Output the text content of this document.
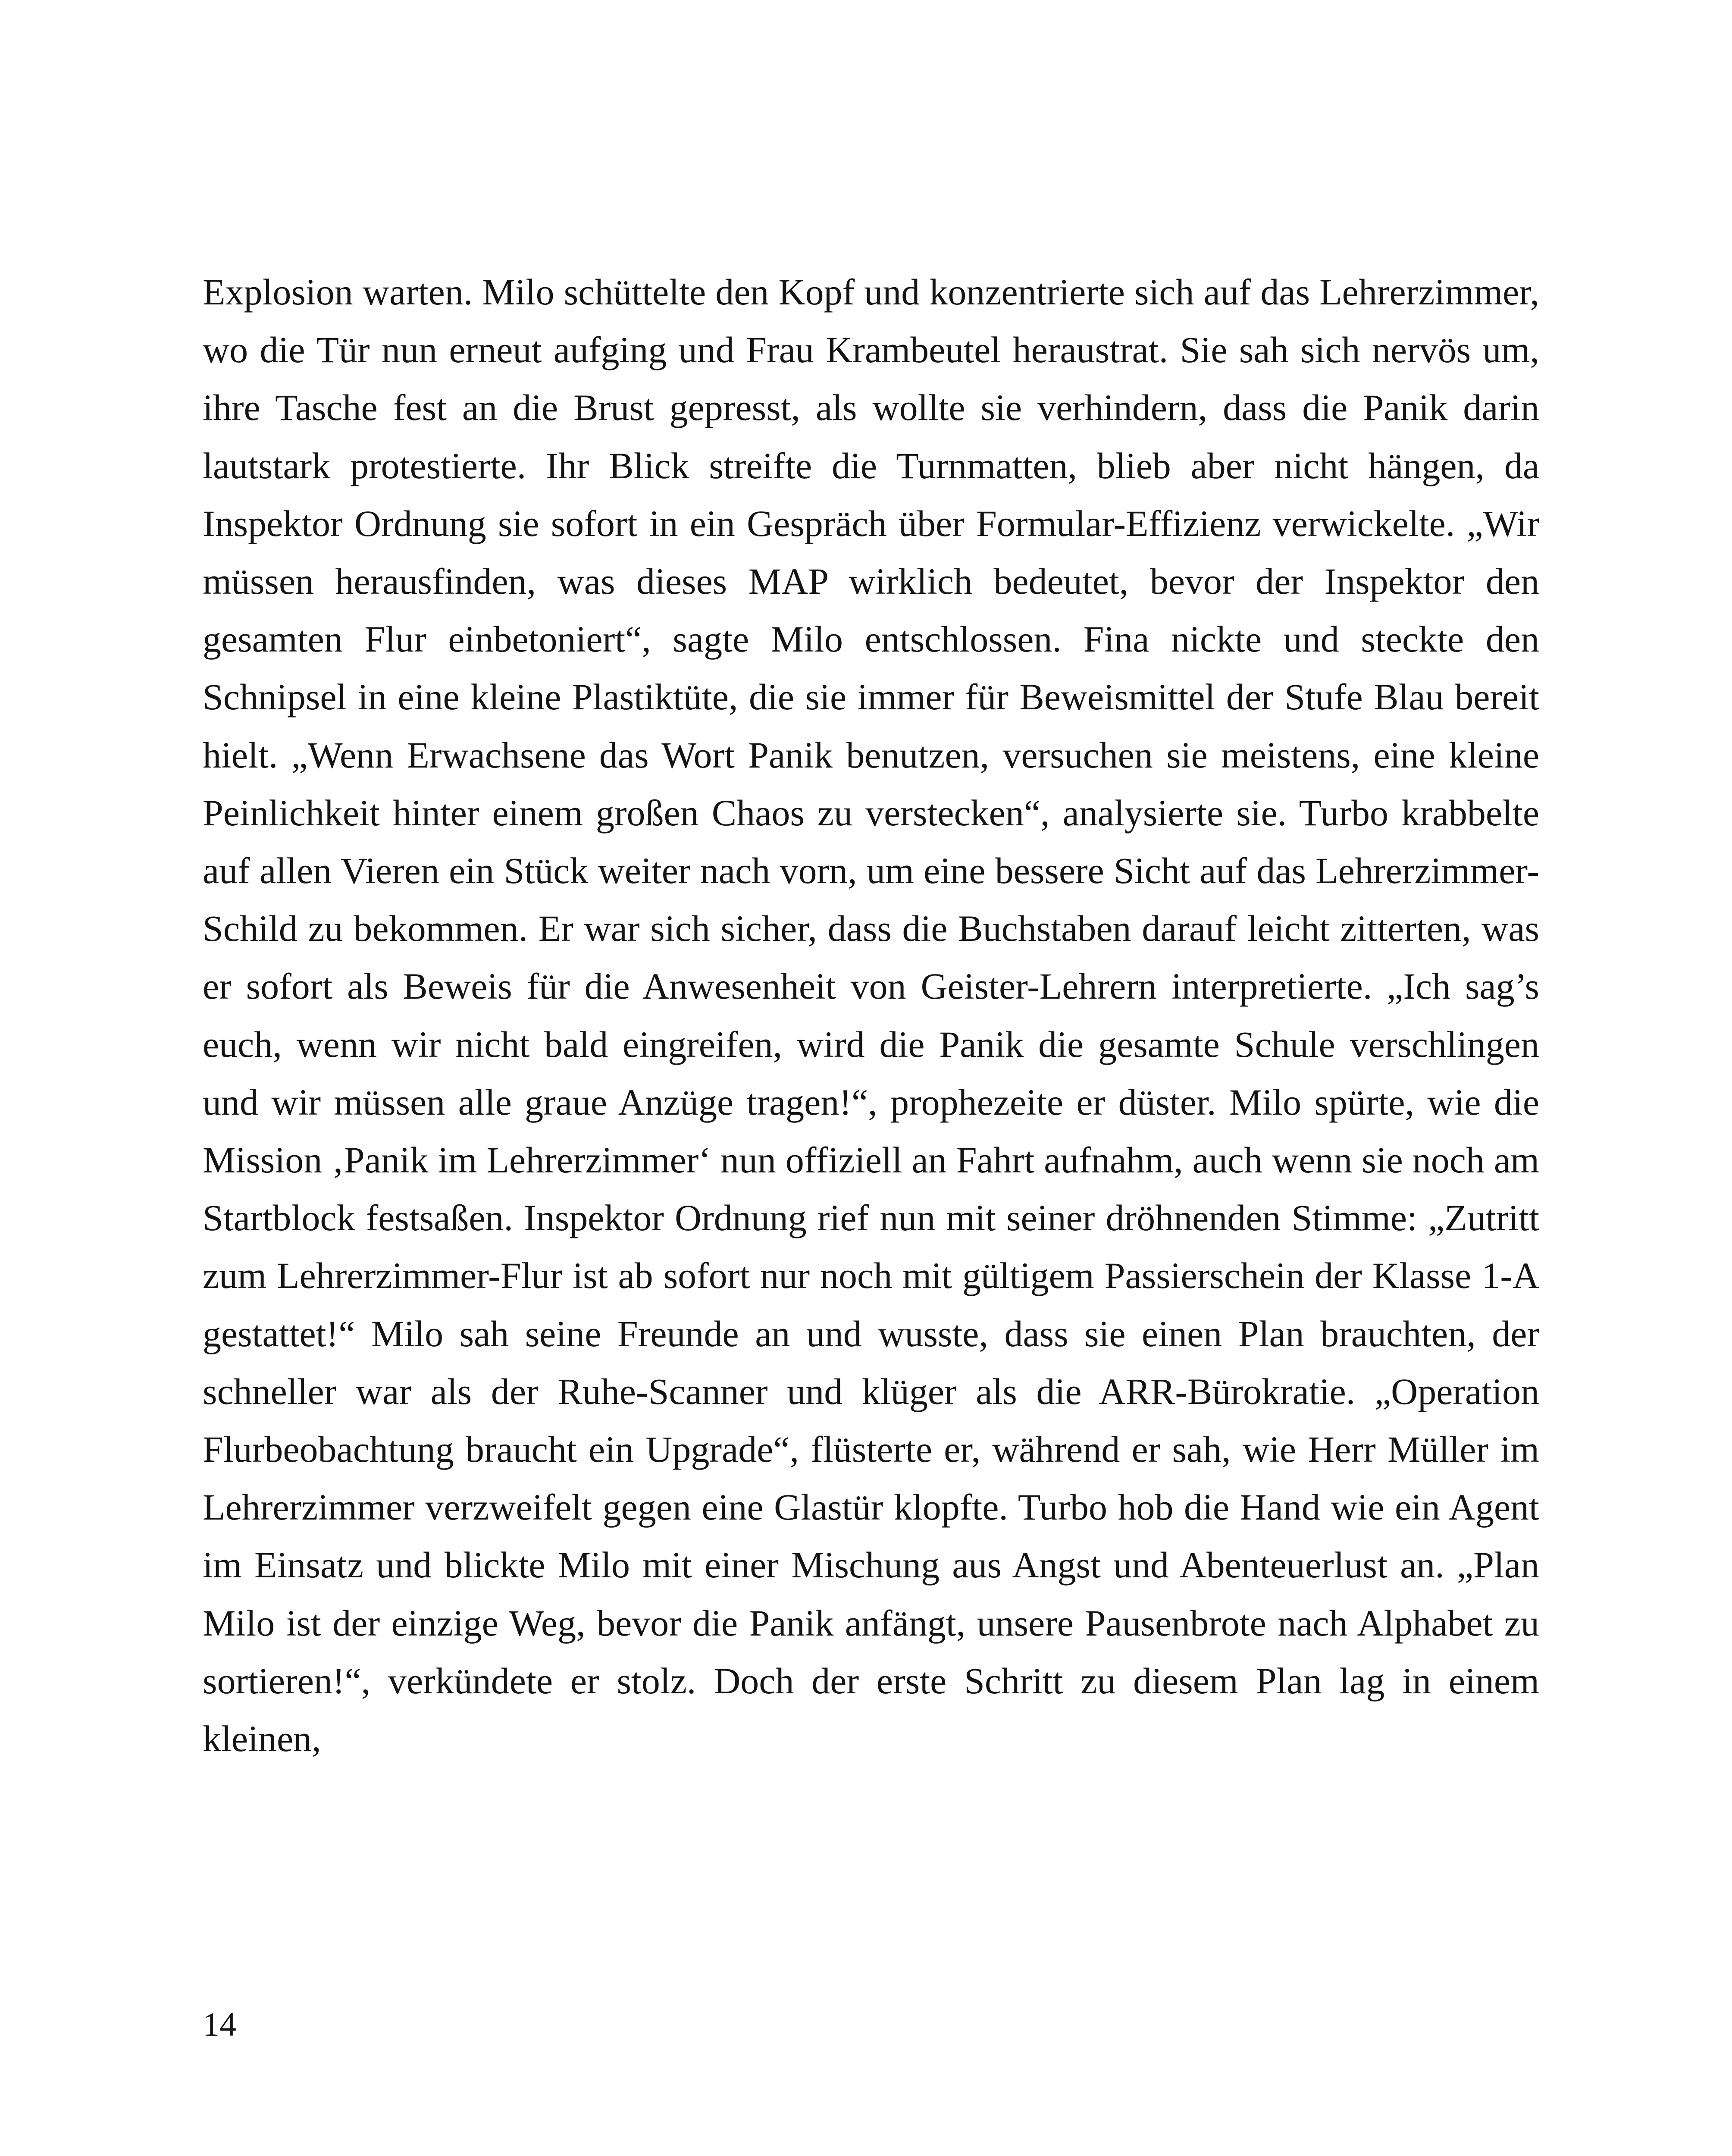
Explosion warten. Milo schüttelte den Kopf und konzentrierte sich auf das Lehrerzimmer, wo die Tür nun erneut aufging und Frau Krambeutel heraustrat. Sie sah sich nervös um, ihre Tasche fest an die Brust gepresst, als wollte sie verhindern, dass die Panik darin lautstark protestierte. Ihr Blick streifte die Turnmatten, blieb aber nicht hängen, da Inspektor Ordnung sie sofort in ein Gespräch über Formular-Effizienz verwickelte. „Wir müssen herausfinden, was dieses MAP wirklich bedeutet, bevor der Inspektor den gesamten Flur einbetoniert“, sagte Milo entschlossen. Fina nickte und steckte den Schnipsel in eine kleine Plastiktüte, die sie immer für Beweismittel der Stufe Blau bereit hielt. „Wenn Erwachsene das Wort Panik benutzen, versuchen sie meistens, eine kleine Peinlichkeit hinter einem großen Chaos zu verstecken“, analysierte sie. Turbo krabbelte auf allen Vieren ein Stück weiter nach vorn, um eine bessere Sicht auf das Lehrerzimmer-Schild zu bekommen. Er war sich sicher, dass die Buchstaben darauf leicht zitterten, was er sofort als Beweis für die Anwesenheit von Geister-Lehrern interpretierte. „Ich sag’s euch, wenn wir nicht bald eingreifen, wird die Panik die gesamte Schule verschlingen und wir müssen alle graue Anzüge tragen!“, prophezeite er düster. Milo spürte, wie die Mission ‚Panik im Lehrerzimmer‘ nun offiziell an Fahrt aufnahm, auch wenn sie noch am Startblock festsaßen. Inspektor Ordnung rief nun mit seiner dröhnenden Stimme: „Zutritt zum Lehrerzimmer-Flur ist ab sofort nur noch mit gültigem Passierschein der Klasse 1-A gestattet!“ Milo sah seine Freunde an und wusste, dass sie einen Plan brauchten, der schneller war als der Ruhe-Scanner und klüger als die ARR-Bürokratie. „Operation Flurbeobachtung braucht ein Upgrade“, flüsterte er, während er sah, wie Herr Müller im Lehrerzimmer verzweifelt gegen eine Glastür klopfte. Turbo hob die Hand wie ein Agent im Einsatz und blickte Milo mit einer Mischung aus Angst und Abenteuerlust an. „Plan Milo ist der einzige Weg, bevor die Panik anfängt, unsere Pausenbrote nach Alphabet zu sortieren!“, verkündete er stolz. Doch der erste Schritt zu diesem Plan lag in einem kleinen,

14
